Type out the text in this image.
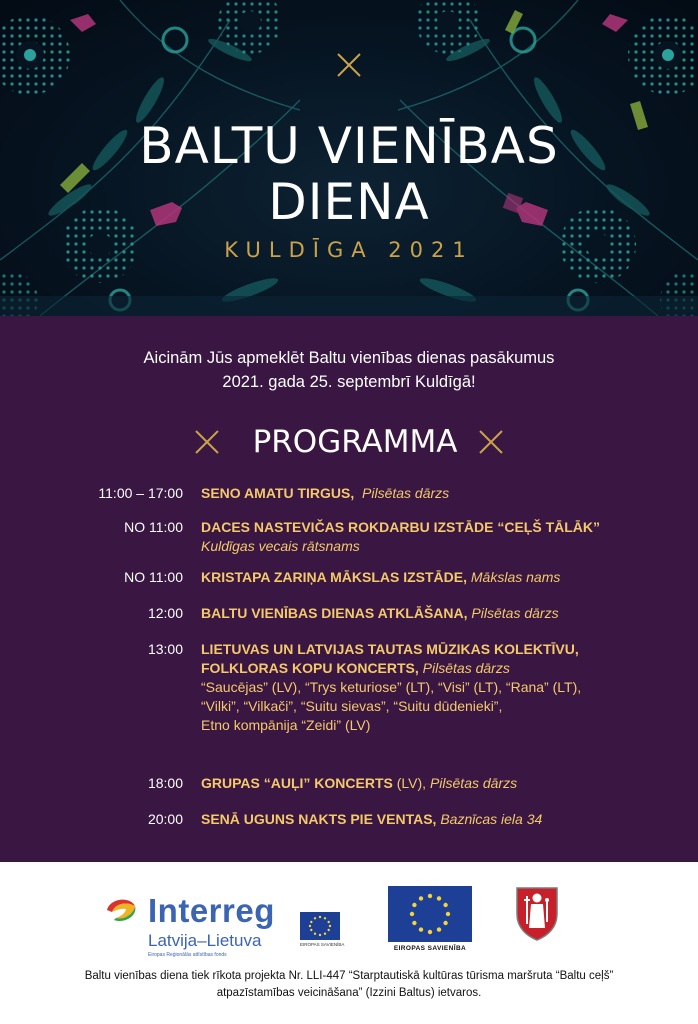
BALTU VIENĪBAS
DIENA
KULDĪGA 2021
Aicinām Jūs apmeklēt Baltu vienības dienas pasākumus
2021. gada 25. septembrī Kuldīgā!
PROGRAMMA
11:00 – 17:00 SENO AMATU TIRGUS, Pilsētas dārzs
NO 11:00 DACES NASTEVIČAS ROKDARBU IZSTĀDE “CEĻŠ TĀLĀK”
Kuldīgas vecais rātsnams
NO 11:00 KRISTAPA ZARIŅA MĀKSLAS IZSTĀDE, Mākslas nams
12:00 BALTU VIENĪBAS DIENAS ATKLĀŠANA, Pilsētas dārzs
13:00 LIETUVAS UN LATVIJAS TAUTAS MŪZIKAS KOLEKTĪVU,
FOLKLORAS KOPU KONCERTS, Pilsētas dārzs
“Saucējas” (LV), “Trys keturiose” (LT), “Visi” (LT), “Rana” (LT),
“Vilki”, “Vilkači”, “Suitu sievas”, “Suitu dūdenieki”,
Etno kompānija “Zeidi” (LV)
18:00 GRUPAS “AUĻI” KONCERTS (LV), Pilsētas dārzs
20:00 SENĀ UGUNS NAKTS PIE VENTAS, Baznīcas iela 34
Interreg
Latvija–Lietuva
Eiropas Reģionālās attīstības fonds
EIROPAS SAVIENĪBA
EIROPAS SAVIENĪBA
Baltu vienības diena tiek rīkota projekta Nr. LLI-447 “Starptautiskā kultūras tūrisma maršruta “Baltu ceļš”
atpazīstamības veicināšana” (Izzini Baltus) ietvaros.
